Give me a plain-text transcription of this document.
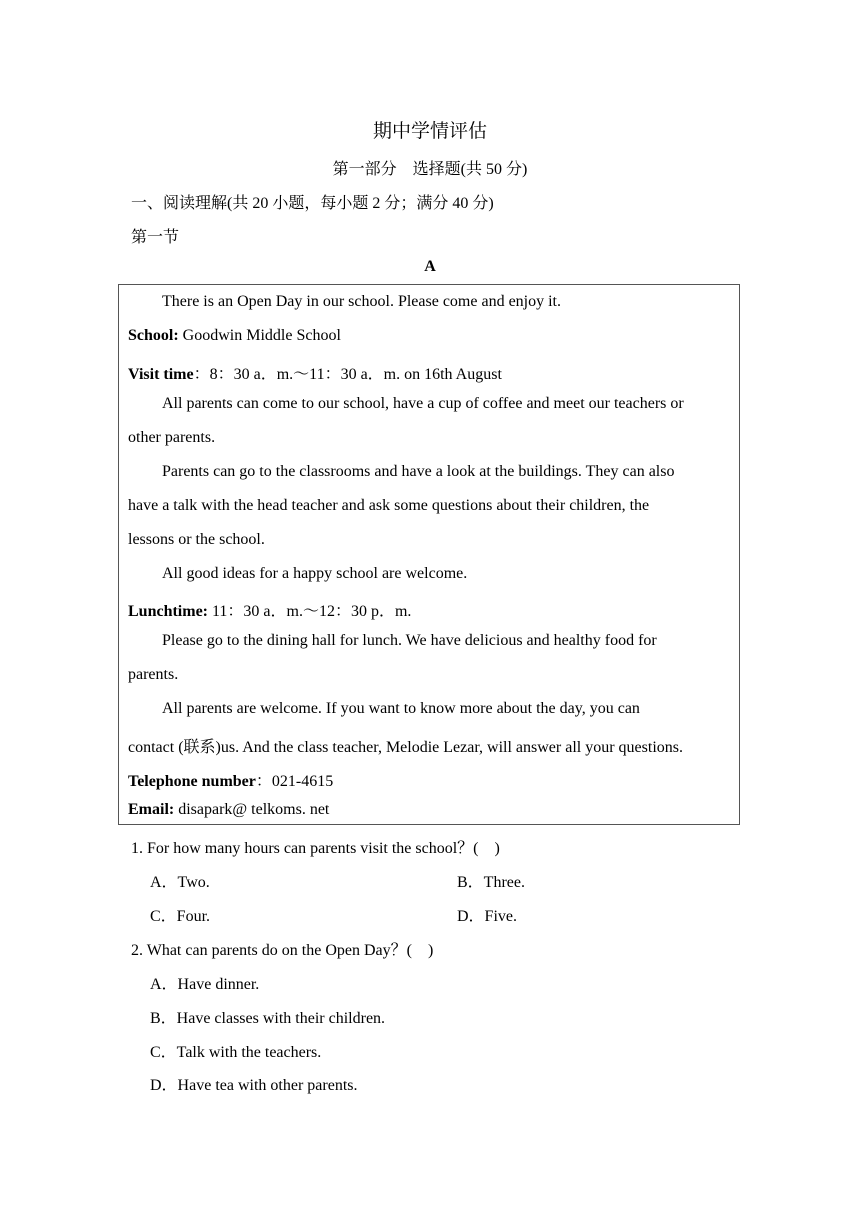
期中学情评估
第一部分　选择题(共 50 分)
一、阅读理解(共 20 小题，每小题 2 分；满分 40 分)
第一节
A
There is an Open Day in our school. Please come and enjoy it.
School: Goodwin Middle School
Visit time：8：30 a．m.～11：30 a．m. on 16th August
All parents can come to our school, have a cup of coffee and meet our teachers or
other parents.
Parents can go to the classrooms and have a look at the buildings. They can also
have a talk with the head teacher and ask some questions about their children, the
lessons or the school.
All good ideas for a happy school are welcome.
Lunchtime: 11：30 a．m.～12：30 p．m.
Please go to the dining hall for lunch. We have delicious and healthy food for
parents.
All parents are welcome. If you want to know more about the day, you can
contact (联系)us. And the class teacher, Melodie Lezar, will answer all your questions.
Telephone number：021-4615
Email: disapark@ telkoms. net
1. For how many hours can parents visit the school？(　)
A．Two.	B．Three.
C．Four.	D．Five.
2. What can parents do on the Open Day？(　)
A．Have dinner.
B．Have classes with their children.
C．Talk with the teachers.
D．Have tea with other parents.
